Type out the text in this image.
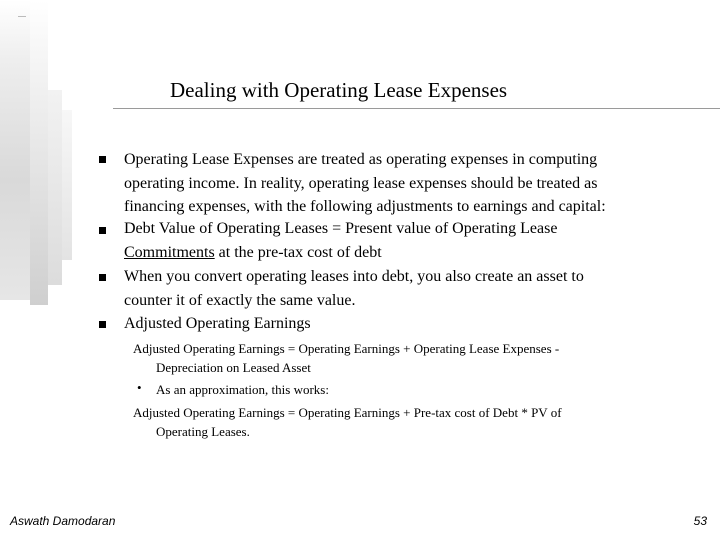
Dealing with Operating Lease Expenses
Operating Lease Expenses are treated as operating expenses in computing
operating income. In reality, operating lease expenses should be treated as
financing expenses, with the following adjustments to earnings and capital:
Debt Value of Operating Leases = Present value of Operating Lease
Commitments at the pre-tax cost of debt
When you convert operating leases into debt, you also create an asset to
counter it of exactly the same value.
Adjusted Operating Earnings
Adjusted Operating Earnings = Operating Earnings + Operating Lease Expenses -
Depreciation on Leased Asset
• As an approximation, this works:
Adjusted Operating Earnings = Operating Earnings + Pre-tax cost of Debt * PV of
Operating Leases.
Aswath Damodaran	53
